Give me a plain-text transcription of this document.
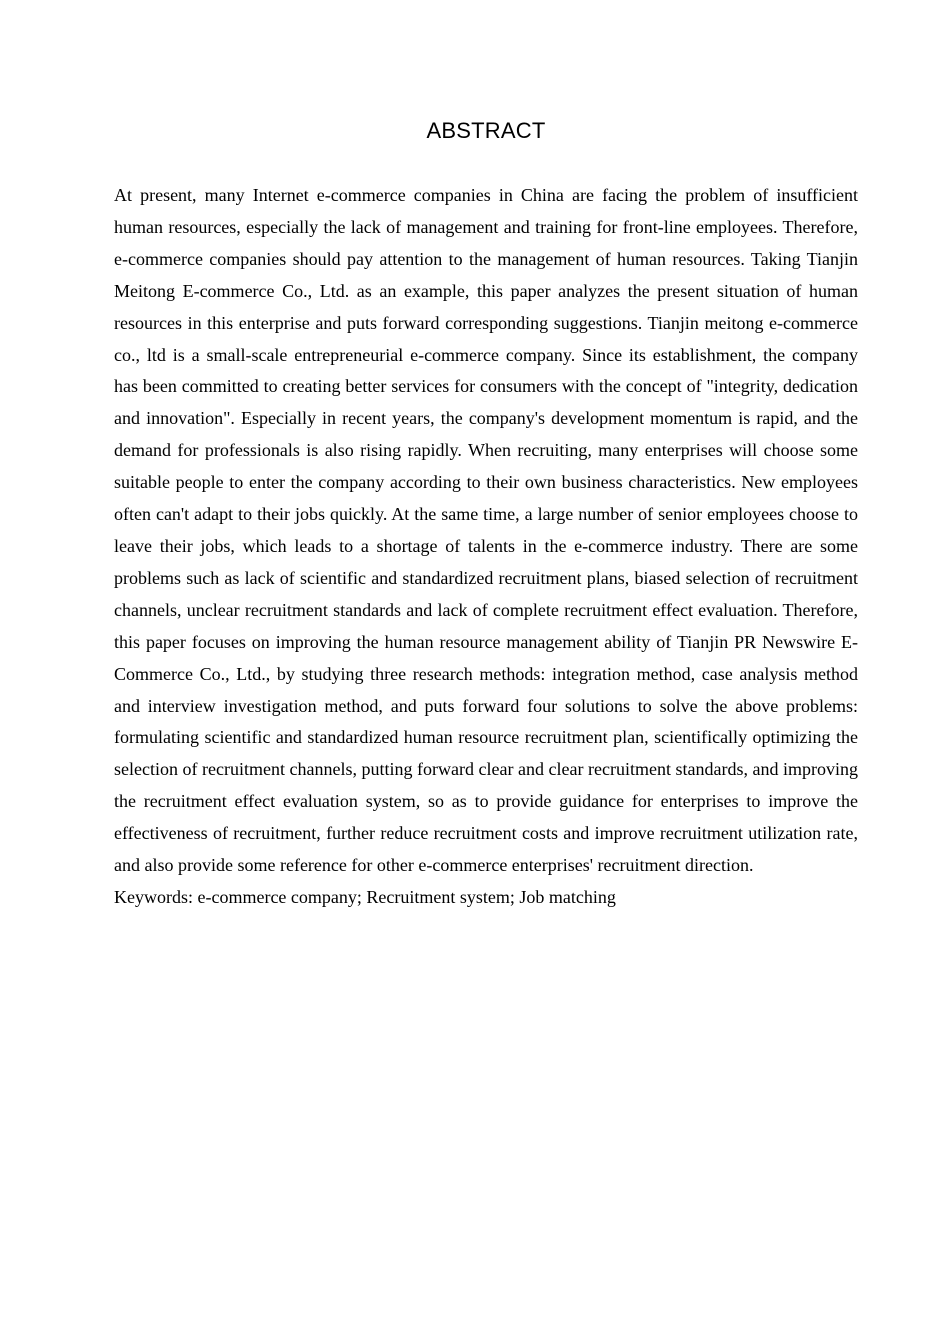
ABSTRACT

At present, many Internet e-commerce companies in China are facing the problem of insufficient human resources, especially the lack of management and training for front-line employees. Therefore, e-commerce companies should pay attention to the management of human resources. Taking Tianjin Meitong E-commerce Co., Ltd. as an example, this paper analyzes the present situation of human resources in this enterprise and puts forward corresponding suggestions. Tianjin meitong e-commerce co., ltd is a small-scale entrepreneurial e-commerce company. Since its establishment, the company has been committed to creating better services for consumers with the concept of "integrity, dedication and innovation". Especially in recent years, the company's development momentum is rapid, and the demand for professionals is also rising rapidly. When recruiting, many enterprises will choose some suitable people to enter the company according to their own business characteristics. New employees often can't adapt to their jobs quickly. At the same time, a large number of senior employees choose to leave their jobs, which leads to a shortage of talents in the e-commerce industry. There are some problems such as lack of scientific and standardized recruitment plans, biased selection of recruitment channels, unclear recruitment standards and lack of complete recruitment effect evaluation. Therefore, this paper focuses on improving the human resource management ability of Tianjin PR Newswire E-Commerce Co., Ltd., by studying three research methods: integration method, case analysis method and interview investigation method, and puts forward four solutions to solve the above problems: formulating scientific and standardized human resource recruitment plan, scientifically optimizing the selection of recruitment channels, putting forward clear and clear recruitment standards, and improving the recruitment effect evaluation system, so as to provide guidance for enterprises to improve the effectiveness of recruitment, further reduce recruitment costs and improve recruitment utilization rate, and also provide some reference for other e-commerce enterprises' recruitment direction.

Keywords: e-commerce company; Recruitment system; Job matching
